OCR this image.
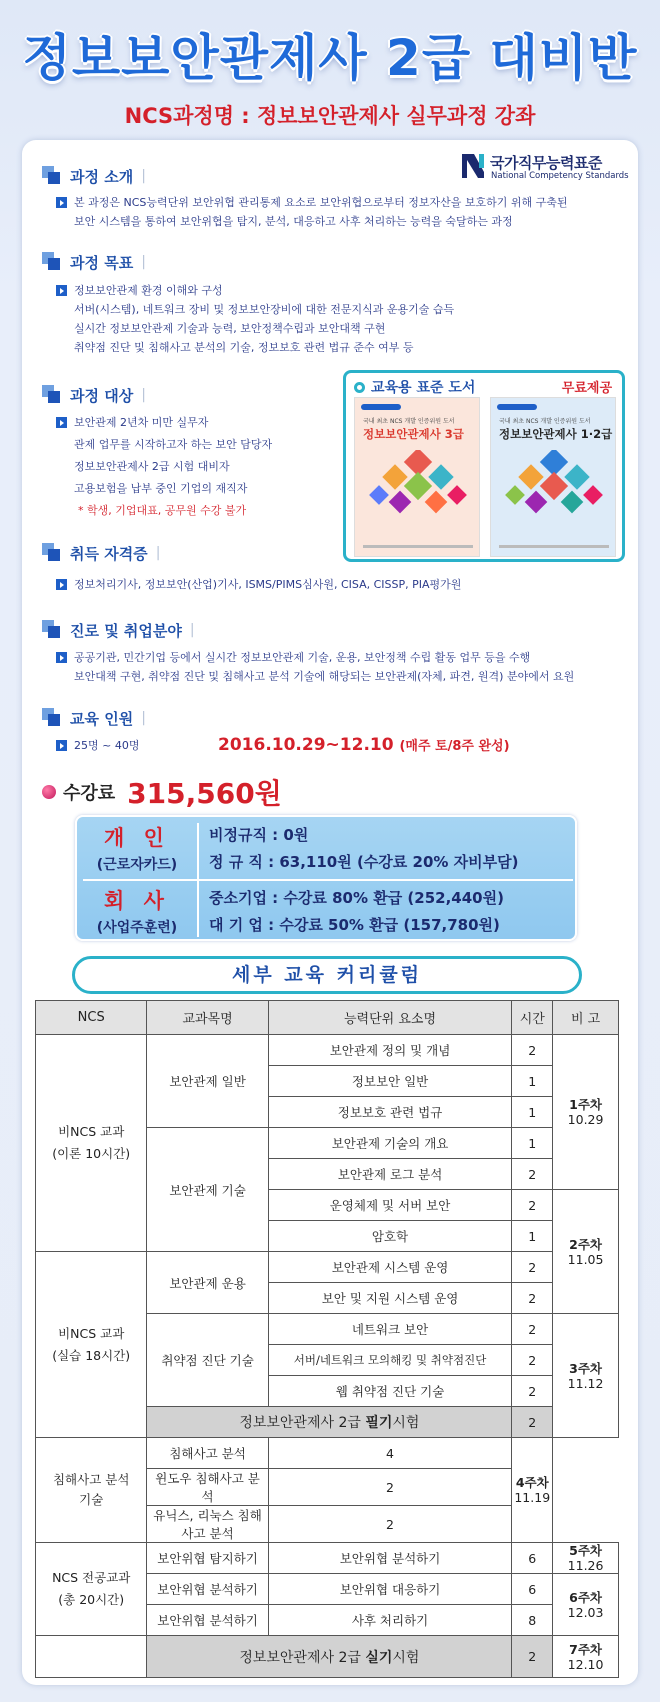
정보보안관제사 2급 대비반
NCS과정명 : 정보보안관제사 실무과정 강좌
국가직무능력표준
National Competency Standards
과정 소개 |
본 과정은 NCS능력단위 보안위협 관리통제 요소로 보안위협으로부터 정보자산을 보호하기 위해 구축된
보안 시스템을 통하여 보안위협을 탐지, 분석, 대응하고 사후 처리하는 능력을 숙달하는 과정
과정 목표 |
정보보안관제 환경 이해와 구성
서버(시스템), 네트워크 장비 및 정보보안장비에 대한 전문지식과 운용기술 습득
실시간 정보보안관제 기술과 능력, 보안정책수립과 보안대책 구현
취약점 진단 및 침해사고 분석의 기술, 정보보호 관련 법규 준수 여부 등
과정 대상 |
보안관제 2년차 미만 실무자
관제 업무를 시작하고자 하는 보안 담당자
정보보안관제사 2급 시험 대비자
고용보험을 납부 중인 기업의 재직자
* 학생, 기업대표, 공무원 수강 불가
교육용 표준 도서	무료제공
국내 최초 NCS 개발 인증위원 도서
정보보안관제사 3급
국내 최초 NCS 개발 인증위원 도서
정보보안관제사 1·2급
취득 자격증 |
정보처리기사, 정보보안(산업)기사, ISMS/PIMS심사원, CISA, CISSP, PIA평가원
진로 및 취업분야 |
공공기관, 민간기업 등에서 실시간 정보보안관제 기술, 운용, 보안정책 수립 활동 업무 등을 수행
보안대책 구현, 취약점 진단 및 침해사고 분석 기술에 해당되는 보안관제(자체, 파견, 원격) 분야에서 요원
교육 인원 |
25명 ~ 40명	2016.10.29~12.10 (매주 토/8주 완성)
수강료 315,560원
개 인
(근로자카드)
비정규직 : 0원
정 규 직 : 63,110원 (수강료 20% 자비부담)
회 사
(사업주훈련)
중소기업 : 수강료 80% 환급 (252,440원)
대 기 업 : 수강료 50% 환급 (157,780원)
세부 교육 커리큘럼
NCS	교과목명	능력단위 요소명	시간	비 고
비NCS 교과
(이론 10시간)	보안관제 일반	보안관제 정의 및 개념	2	1주차
10.29

		정보보안 일반	1	
		정보보호 관련 법규	1	
	보안관제 기술	보안관제 기술의 개요	1	
		보안관제 로그 분석	2	
		운영체제 및 서버 보안	2	2주차
11.05

		암호학	1	
비NCS 교과
(실습 18시간)	보안관제 운용	보안관제 시스템 운영	2	
		보안 및 지원 시스템 운영	2	
	취약점 진단 기술	네트워크 보안	2	3주차
11.12

		서버/네트워크 모의해킹 및 취약점진단	2	
		웹 취약점 진단 기술	2	
	정보보안관제사 2급 필기시험		2	
침해사고 분석
기술	침해사고 분석	4	4주차
11.19	

	윈도우 침해사고 분석	2		
	유닉스, 리눅스 침해사고 분석	2		
NCS 전공교과
(총 20시간)	보안위협 탐지하기	보안위협 분석하기	6	5주차
11.26

	보안위협 분석하기	보안위협 대응하기	6	6주차
12.03

	보안위협 분석하기	사후 처리하기	8	
	정보보안관제사 2급 실기시험		2	7주차
12.10
